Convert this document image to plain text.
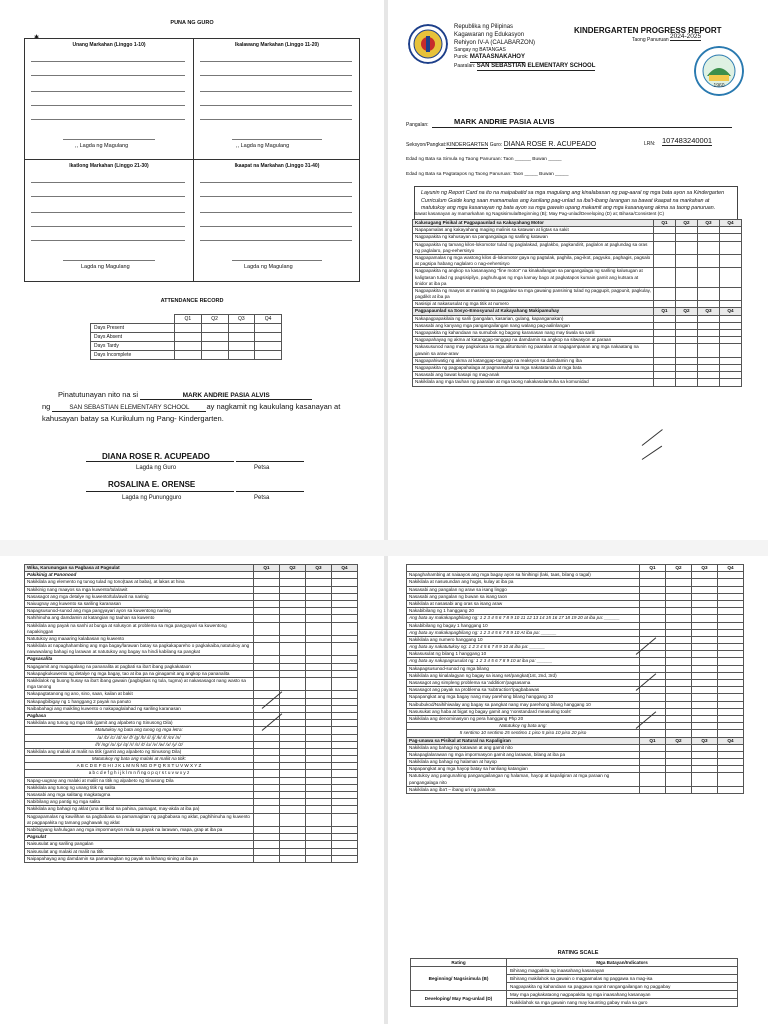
PUNA NG GURO
✱
Unang Markahan (Linggo 1-10)
,, Lagda ng Magulang
Ikalawang Markahan (Linggo 11-20)
,, Lagda ng Magulang
Ikatlong Markahan (Linggo 21-30)
Lagda ng Magulang
Ikaapat na Markahan (Linggo 31-40)
Lagda ng Magulang
ATTENDANCE RECORD
	Q1	Q2	Q3	Q4
Days Present				
Days Absent				
Days Tardy				
Days Incomplete				
Pinatutunayan nito na si	MARK ANDRIE PASIA ALVIS
ng	SAN SEBASTIAN ELEMENTARY SCHOOL ay nagkamit ng kaukulang kasanayan at
kahusayan batay sa Kurikulum ng Pang- Kindergarten.
DIANA ROSE R. ACUPEADO
Lagda ng Guro	Petsa
ROSALINA E. ORENSE
Lagda ng Punungguro	Petsa
Republika ng Pilipinas
Kagawaran ng Edukasyon
Rehiyon IV-A (CALABARZON)
Sangay ng BATANGAS
Purok: MATAASNAKAHOY
Paaralan: SAN SEBASTIAN ELEMENTARY SCHOOL
KINDERGARTEN PROGRESS REPORT
Taong Panuruan 2024-2025
1960
Pangalan:	MARK ANDRIE PASIA ALVIS
Seksyon/Pangkat:KINDERGARTEN Guro: DIANA ROSE R. ACUPEADO	LRN: 107483240001
Edad ng Bata sa Simula ng Taong Panuruan: Taon ______ Buwan _____
Edad ng Bata sa Pagtatapos ng Taong Panuruan: Taon _____ Buwan _____
Layunin ng Report Card na ito na maipabatid sa mga magulang ang kinalabasan ng pag-aaral ng mga bata ayon sa Kindergarten Curriculum Guide kung saan mamamalas ang kanilang pag-unlad sa iba't-ibang larangan sa bawat ikaapat na markahan at matutukoy ang mga kasanayan ng bata ayon sa mga gawain upang makamit ang mga kasanayang akma sa taong panuruan.
Bawat kasanayan ay mamarkahan ng Nagsisimula/Beginning (B); May Pag-unlad/Developing (D) at; Bihasa/Consistent (C)
Kalusugang Pisikal at Pagpapaunlad sa Kakayahang Motor	Q1	Q2	Q3	Q4
Napapamalas ang kakayahang maging malinis sa katawan at ligtas sa sakit				
Nagpapakita ng kahusayan sa pangangalaga ng sariling katawan				
Nagpapakita ng tamang kilos-lokomotor tulad ng paglalakad, paglakbo, pagkandirit, paglalon at paglundag sa oras ng paglalaro, pag-eehersisyo				
Nagpapamalas ng mga wastong kilos di-lokomotor gaya ng pagtulak, paghila, pag-ikot, pagyuko, paghagis, pagsalo at pagsipa habang naglalaro o nag-eehersisyo				
Nagpapakita ng angkop na kasanayang "fine motor" na kinakailangan sa pangangalaga ng sariling kalusugan at kaligtasan tulad ng pagsisipilyo, paghuhugas ng mga kamay bago at pagkatapos kumain gamit ang kutsara at tinidor at iba pa				
Nagpapakita ng maayos at masining na paggalaw sa mga gawaing pansining tulad ng paggupit, pagpunit, pagkulay, pagdikit at iba pa				
Nasisipi at nakasusulat ng mga titik at numero				
Pagpapaunlad sa Sosyo-Emosyunal at Kakayahang Makipamuhay	Q1	Q2	Q3	Q4
Nakapagpapakilala ng sarili (pangalan, kasarian, gulang, kapanganakan)				
Nasasabi ang kanyang mga pangangailangan nang walang pag-aalinlangan				
Nagpapakita ng kahandaan na sumubok ng bagong karanasan nang may tiwala sa sarili				
Nagpapahayag ng akma at katanggap-tanggap na damdamin sa angkop na sitwasyon at paraan				
Nakasusunod nang may pagkukusa sa mga alituntunin ng paaralan at nagagampanan ang mga nakaatang na gawain sa araw-araw				
Nagpapahiwatig ng akma at katanggap-tanggap na reaksyon sa damdamin ng iba				
Nagpapakita ng pagpapahalaga at pagmamahal sa mga nakatatanda at mga bata				
Nasasabi ang bawat kasapi ng mag-anak				
Nakikilala ang mga tauhan ng paaralan at mga taong nakakasalamuha sa komunidad				
Wika, Karunungan sa Pagbasa at Pagsulat	Q1	Q2	Q3	Q4
Pakikinig at Panonood				
Nakikilala ang elemento ng tunog tulad ng tono(taas at baba), at lakas at hina				
Nakikinig nang maayos sa mga kuwento/tula/awit				
Nasasagot ang mga detalye ng kuwento/tula/awit na narinig				
Naiuugnay ang kuwento sa sariling karanasan				
Napagsusunod-sunod ang mga pangyayari ayon sa kuwentong narinig				
Nahihinuha ang damdamin at katangian ng tauhan sa kuwento				
Nakikilala ang payak na sanhi at bunga at solusyon at problema sa mga pangyayari sa kuwentong napakinggan				
Natutukoy ang maaaring kalabasan ng kuwento				
Nakikilala at napaghahambing ang mga bagay/larawan batay sa pagkakapareho o pagkakaiba,natutukoy ang nawawalang bahagi ng larawan at natutukoy ang bagay na hindi kabilang sa pangkat				
Pagsasalita				
Nagagamit ang magagalang na pananalita at pagbati sa iba't ibang pagkakataon				
Nakapagkukuwento ng detalye ng mga bagay, tao at iba pa na ginagamit ang angkop na pananalita				
Nakikilalok ng buong husay sa iba't ibang gawain (pagbigkas ng tula, tugma) at nakasasagot nang wasto sa mga tanong				
Nakapagtatanong ng ano, sino, saan, kailan at bakit				
Nakapagbibigay ng 1 hanggang 2 payak na panuto				
Naibabahagi ang maikling kuwento o nakapaglalahad ng sariling karanasan				
Pagbasa				
Nakikilala ang tunog ng mga titik (gamit ang alpabeto ng Sinusong Dila)				
Matutukoy ng bata ang tunog ng mga letra:				
/a/ /b/ /c/ /d/ /e/ /f/ /g/ /h/ /i/ /j/ /k/ /l/ /m/ /n/				
/ñ/ /ng/ /o/ /p/ /q/ /r/ /s/ /t/ /u/ /v/ /w/ /x/ /y/ /z/				
Nakikilala ang malaki at maliit na titik (gamit ang alpabeto ng Sinusong Dila)				
Matutukoy ng bata ang malaki at maliit na titik:				
A B C D E F G H I J K L M N Ñ NG O P Q R S T U V W X Y Z				
a b c d e f g h i j k l m n ñ ng o p q r s t u v w x y z				
Napag-uugnay ang malaki at maliit na titik ng alpabeto ng Sinusong Dila				
Nakikilala ang tunog ng unang titik ng salita				
Nasasabi ang mga salitang magkatugma				
Nabibilang ang pantig ng mga salita				
Nakikilala ang bahagi ng aklat (una at likod na pahina, pamagat, may-akda at iba pa)				
Nagpapamalas ng kawilihan sa pagbabasa sa pamamagitan ng pagbabasa ng aklat, paghihinuha ng kuwento at pagpapakita ng tamang paghawak ng aklat				
Nabibigyang kahulugan ang mga impormasyon mula sa payak na larawan, mapa, grap at iba pa				
Pagsulat				
Naisusulat ang sariling pangalan				
Naisusulat ang malaki at maliit na titik				
Naipapahayag ang damdamin sa pamamagitan ng payak na likhang sining at iba pa				
	Q1	Q2	Q3	Q4
Napaghahambing at naiaayos ang mga bagay ayon sa hinihingi (laki, taas, bilang o tagal)				
Nakikilala at nasusundan ang hugis, kulay at iba pa				
Nasasabi ang pangalan ng araw sa isang linggo				
Nasasabi ang pangalan ng buwan sa isang taon				
Nakikilala at nasasabi ang oras sa isang araw				
Nakabibilang ng 1 hanggang 20				
Ang bata ay makakapagbilang ng: 1 2 3 4 5 6 7 8 9 10 11 12 13 14 15 16 17 18 19 20 at iba pa: ______				
Nakabibilang ng bagay 1 hanggang 10				
Ang bata ay makakapagbilang ng: 1 2 3 4 5 6 7 8 9 10 At iba pa: ______				
Nakikilala ang numero hanggang 10				
Ang bata ay nakatutukoy ng: 1 2 3 4 5 6 7 8 9 10 at iba pa: ______				
Nakasusulat ng bilang 1 hanggang 10				
Ang bata ay nakapagsusulat ng: 1 2 3 4 5 6 7 8 9 10 at iba pa: ______				
Nakapagsusunod-sunod ng mga bilang				
Nakikilala ang kinalalagyan ng bagay sa isang set/pangkat(1st, 2nd, 3rd)				
Nasasagot ang simpleng problema sa 'addition'/pagsasama				
Nasasagot ang payak na problema sa 'subtraction'/pagbabawas				
Napapangkat ang mga bagay nang may parehong bilang hanggang 10				
Naibubukod/Naihihiwalay ang bagay sa pangkat nang may parehong bilang hanggang 10				
Nasusukat ang haba at bigat ng bagay gamit ang 'nonstandard measuring tools'				
Nakikilala ang denominasyon ng pera hanggang Php 20				
Natutukoy ng bata ang:				
5 sentimo 10 sentimo 25 sentimo 1 piso 5 piso 10 piso 20 piso				
Pag-unawa sa Pisikal at Natural na Kapaligiran	Q1	Q2	Q3	Q4
Nakikilala ang bahagi ng katawan at ang gamit nito				
Nakapaglalarawan ng mga impormasyon gamit ang larawan, bilang at iba pa				
Nakikilala ang bahagi ng halaman at hayop				
Napapangkat ang mga hayop batay sa hanliang katangian				
Natutukoy ang pangunahing pangangailangan ng halaman, hayop at kapaligiran at mga paraan ng pangangalaga nito				
Nakikilala ang iba't – ibang uri ng panahon				
RATING SCALE
Rating	Mga Batayan/Indicators
Beginning/ Nagsisimula (B)	Bihirang magpakita ng inaasahang kasanayan
	Bihirang makilahok sa gawain o magpamalas ng paggawa na mag-isa
	Nagpapakita ng kahandaan sa paggawa ngunit nangangailangan ng paggabay
Developing/ May Pag-unlad (D)	May mga pagkakataong nagpapakita ng mga inaasahang kasanayan
	Nakikilahok sa mga gawain nang may kaunting gabay mula sa guro
